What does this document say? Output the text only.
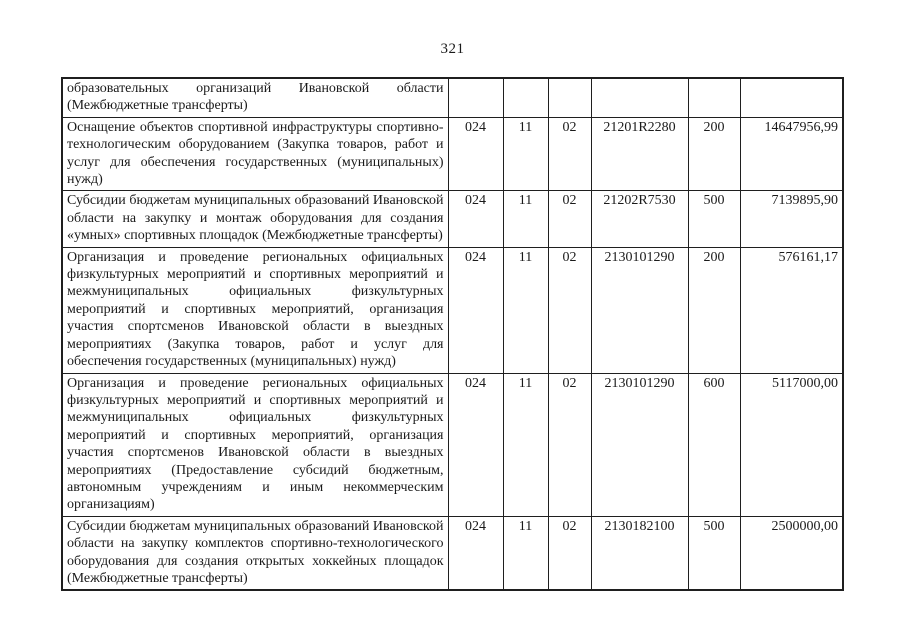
321
образовательных организаций Ивановской области (Межбюджетные трансферты)						
Оснащение объектов спортивной инфраструктуры спортивно-технологическим оборудованием (Закупка товаров, работ и услуг для обеспечения государственных (муниципальных) нужд)	024	11	02	21201R2280	200	14647956,99
Субсидии бюджетам муниципальных образований Ивановской области на закупку и монтаж оборудования для создания «умных» спортивных площадок (Межбюджетные трансферты)	024	11	02	21202R7530	500	7139895,90
Организация и проведение региональных официальных физкультурных мероприятий и спортивных мероприятий и межмуниципальных официальных физкультурных мероприятий и спортивных мероприятий, организация участия спортсменов Ивановской области в выездных мероприятиях (Закупка товаров, работ и услуг для обеспечения государственных (муниципальных) нужд)	024	11	02	2130101290	200	576161,17
Организация и проведение региональных официальных физкультурных мероприятий и спортивных мероприятий и межмуниципальных официальных физкультурных мероприятий и спортивных мероприятий, организация участия спортсменов Ивановской области в выездных мероприятиях (Предоставление субсидий бюджетным, автономным учреждениям и иным некоммерческим организациям)	024	11	02	2130101290	600	5117000,00
Субсидии бюджетам муниципальных образований Ивановской области на закупку комплектов спортивно-технологического оборудования для создания открытых хоккейных площадок (Межбюджетные трансферты)	024	11	02	2130182100	500	2500000,00
